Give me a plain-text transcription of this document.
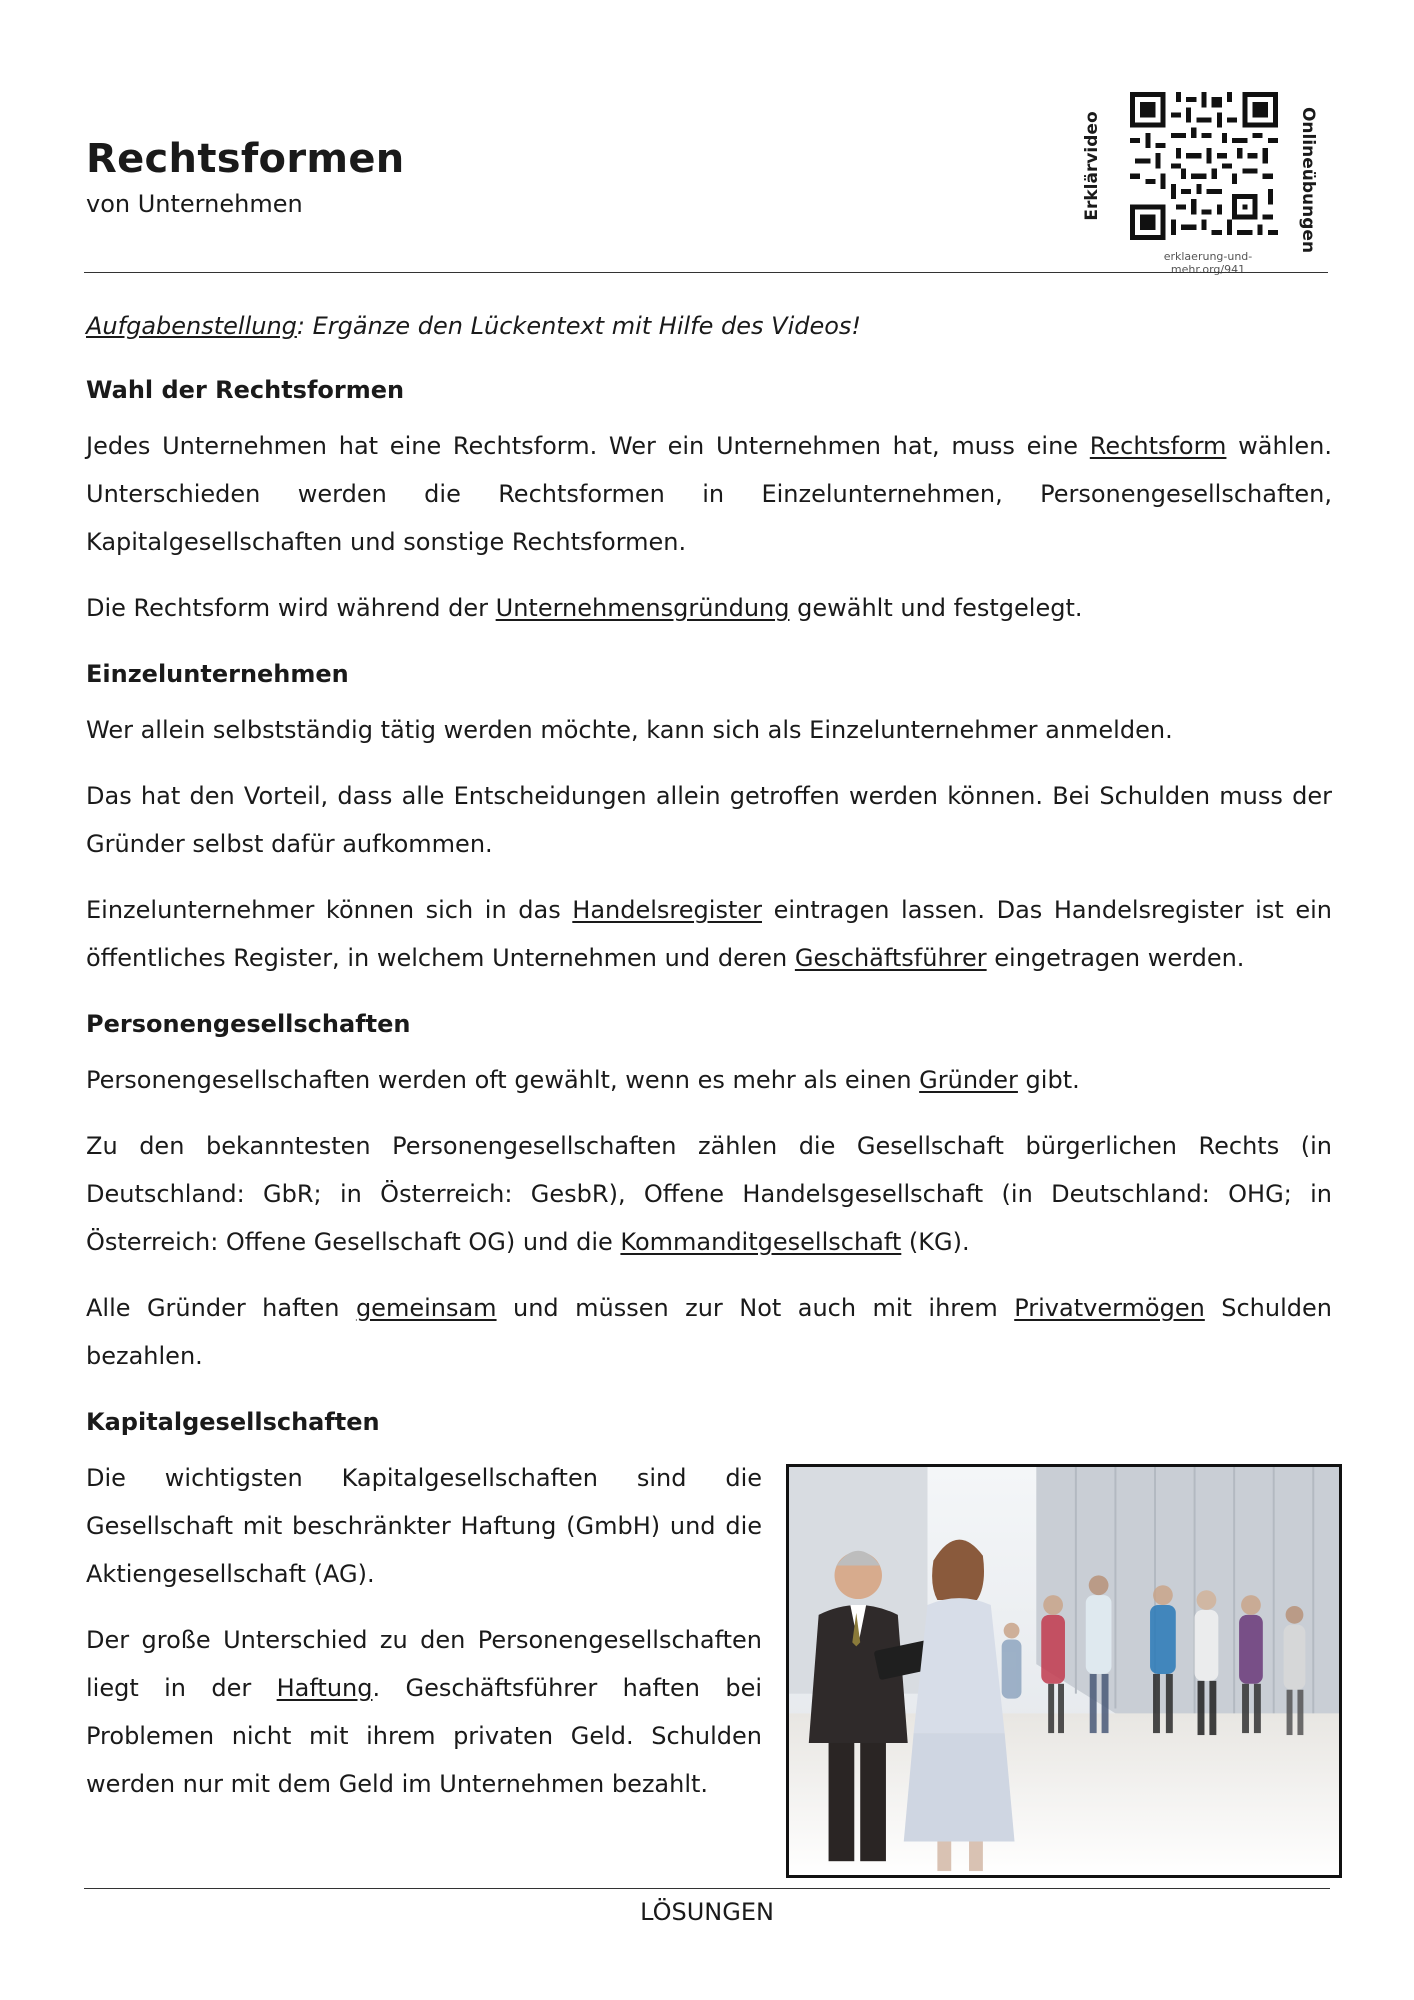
Rechtsformen
von Unternehmen	Erklärvideo	Onlineübungen
erklaerung-und-mehr.org/941

Aufgabenstellung: Ergänze den Lückentext mit Hilfe des Videos!

Wahl der Rechtsformen

Jedes Unternehmen hat eine Rechtsform. Wer ein Unternehmen hat, muss eine Rechtsform wählen. Unterschieden werden die Rechtsformen in Einzelunternehmen, Personengesellschaften, Kapitalgesellschaften und sonstige Rechtsformen.

Die Rechtsform wird während der Unternehmensgründung gewählt und festgelegt.

Einzelunternehmen

Wer allein selbstständig tätig werden möchte, kann sich als Einzelunternehmer anmelden.

Das hat den Vorteil, dass alle Entscheidungen allein getroffen werden können. Bei Schulden muss der Gründer selbst dafür aufkommen.

Einzelunternehmer können sich in das Handelsregister eintragen lassen. Das Handelsregister ist ein öffentliches Register, in welchem Unternehmen und deren Geschäftsführer eingetragen werden.

Personengesellschaften

Personengesellschaften werden oft gewählt, wenn es mehr als einen Gründer gibt.

Zu den bekanntesten Personengesellschaften zählen die Gesellschaft bürgerlichen Rechts (in Deutschland: GbR; in Österreich: GesbR), Offene Handelsgesellschaft (in Deutschland: OHG; in Österreich: Offene Gesellschaft OG) und die Kommanditgesellschaft (KG).

Alle Gründer haften gemeinsam und müssen zur Not auch mit ihrem Privatvermögen Schulden bezahlen.

Kapitalgesellschaften

Die wichtigsten Kapitalgesellschaften sind die Gesellschaft mit beschränkter Haftung (GmbH) und die Aktiengesellschaft (AG).

Der große Unterschied zu den Personengesellschaften liegt in der Haftung. Geschäftsführer haften bei Problemen nicht mit ihrem privaten Geld. Schulden werden nur mit dem Geld im Unternehmen bezahlt.

LÖSUNGEN
